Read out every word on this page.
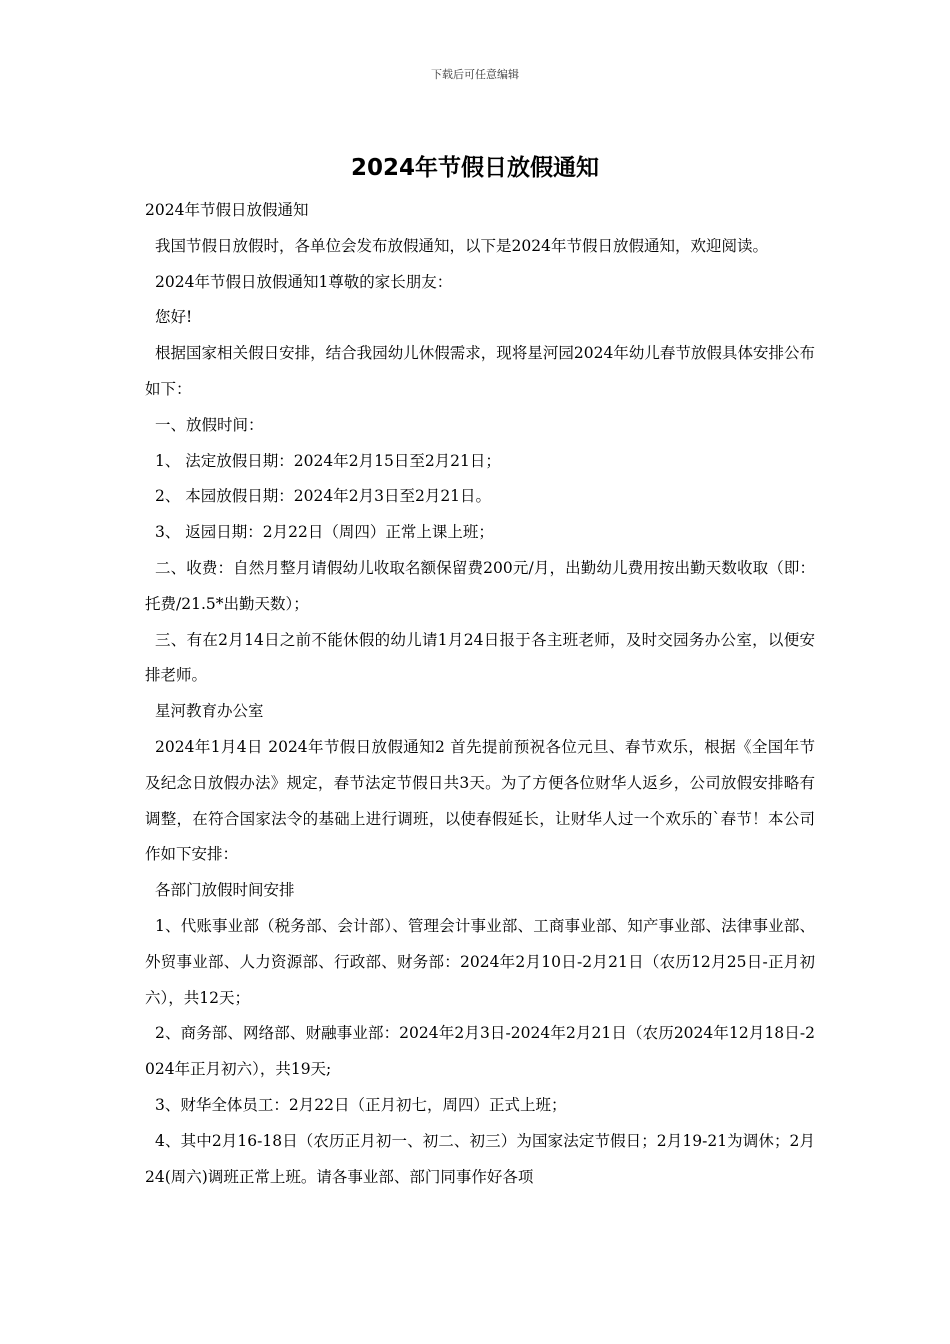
下载后可任意编辑
2024年节假日放假通知

2024年节假日放假通知

我国节假日放假时，各单位会发布放假通知，以下是2024年节假日放假通知，欢迎阅读。

2024年节假日放假通知1尊敬的家长朋友：

您好!

根据国家相关假日安排，结合我园幼儿休假需求，现将星河园2024年幼儿春节放假具体安排公布如下：

一、放假时间：

1、 法定放假日期：2024年2月15日至2月21日；

2、 本园放假日期：2024年2月3日至2月21日。

3、 返园日期：2月22日（周四）正常上课上班；

二、收费：自然月整月请假幼儿收取名额保留费200元/月，出勤幼儿费用按出勤天数收取（即：托费/21.5*出勤天数）；

三、有在2月14日之前不能休假的幼儿请1月24日报于各主班老师，及时交园务办公室，以便安排老师。

星河教育办公室

2024年1月4日 2024年节假日放假通知2 首先提前预祝各位元旦、春节欢乐，根据《全国年节及纪念日放假办法》规定，春节法定节假日共3天。为了方便各位财华人返乡，公司放假安排略有调整，在符合国家法令的基础上进行调班，以使春假延长，让财华人过一个欢乐的`春节！本公司作如下安排：

各部门放假时间安排

1、代账事业部（税务部、会计部）、管理会计事业部、工商事业部、知产事业部、法律事业部、外贸事业部、人力资源部、行政部、财务部：2024年2月10日-2月21日（农历12月25日-正月初六），共12天；

2、商务部、网络部、财融事业部：2024年2月3日-2024年2月21日（农历2024年12月18日-2024年正月初六），共19天;

3、财华全体员工：2月22日（正月初七，周四）正式上班；

4、其中2月16-18日（农历正月初一、初二、初三）为国家法定节假日；2月19-21为调休；2月24(周六)调班正常上班。请各事业部、部门同事作好各项
